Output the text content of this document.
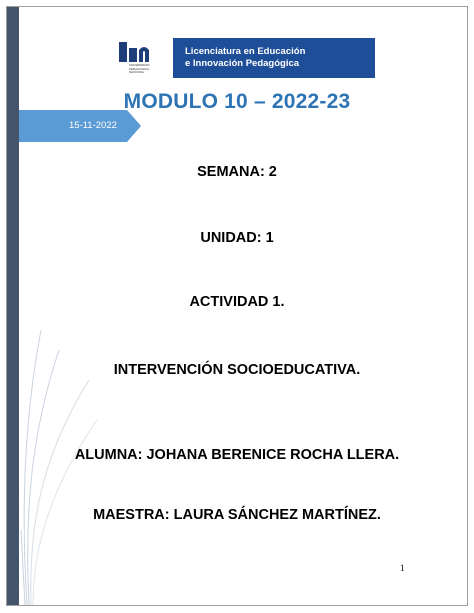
UNIVERSIDAD PEDAGÓGICA NACIONAL
Licenciatura en Educación
e Innovación Pedagógica
MODULO 10 – 2022-23
15-11-2022
SEMANA: 2
UNIDAD: 1
ACTIVIDAD 1.
INTERVENCIÓN SOCIOEDUCATIVA.
ALUMNA: JOHANA BERENICE ROCHA LLERA.
MAESTRA: LAURA SÁNCHEZ MARTÍNEZ.
1
